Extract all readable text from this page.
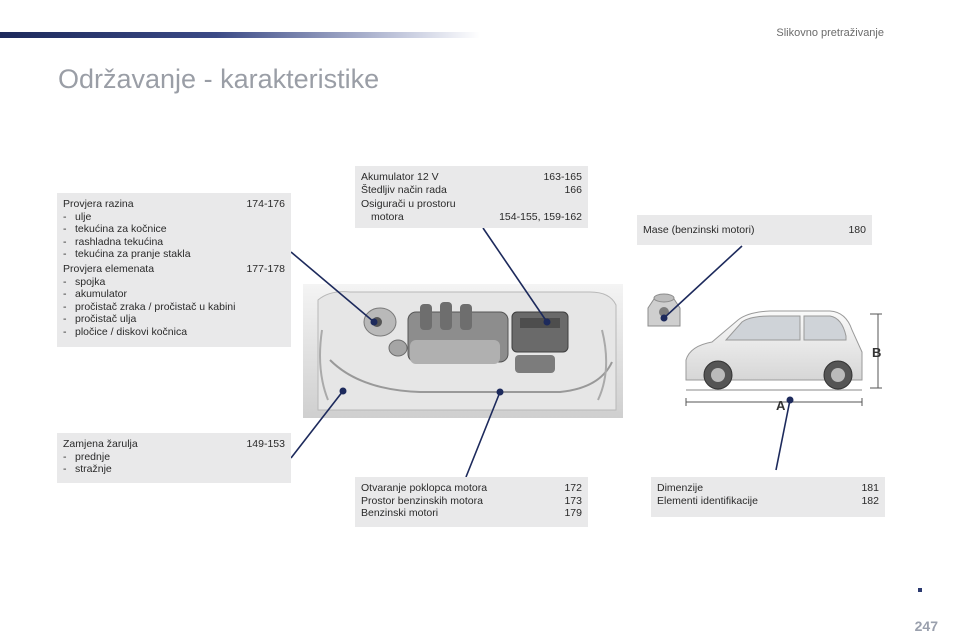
Slikovno pretraživanje
Održavanje - karakteristike
A
B
Provjera razina	174-176
- ulje
- tekućina za kočnice
- rashladna tekućina
- tekućina za pranje stakla
Provjera elemenata	177-178
- spojka
- akumulator
- pročistač zraka / pročistač u kabini
- pročistač ulja
- pločice / diskovi kočnica
Akumulator 12 V	163-165
Štedljiv način rada	166
Osigurači u prostoru
motora	154-155, 159-162
Mase (benzinski motori)	180
Zamjena žarulja	149-153
- prednje
- stražnje
Otvaranje poklopca motora	172
Prostor benzinskih motora	173
Benzinski motori	179
Dimenzije	181
Elementi identifikacije	182
247
